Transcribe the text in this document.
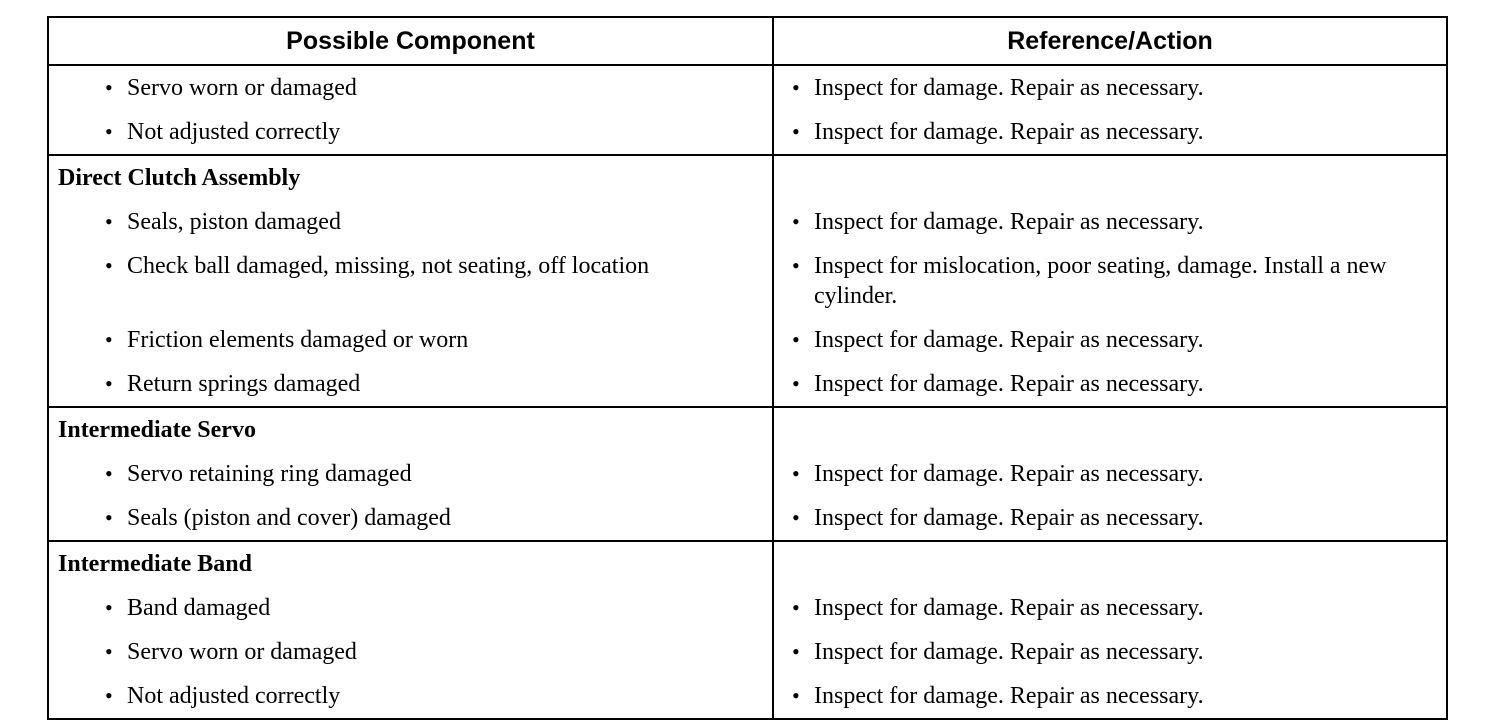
Possible Component	Reference/Action
• Servo worn or damaged
• Not adjusted correctly
• Inspect for damage. Repair as necessary.
• Inspect for damage. Repair as necessary.
Direct Clutch Assembly
• Seals, piston damaged
• Check ball damaged, missing, not seating, off location
• Friction elements damaged or worn
• Return springs damaged
• Inspect for damage. Repair as necessary.
• Inspect for mislocation, poor seating, damage. Install a new cylinder.
• Inspect for damage. Repair as necessary.
• Inspect for damage. Repair as necessary.
Intermediate Servo
• Servo retaining ring damaged
• Seals (piston and cover) damaged
• Inspect for damage. Repair as necessary.
• Inspect for damage. Repair as necessary.
Intermediate Band
• Band damaged
• Servo worn or damaged
• Not adjusted correctly
• Inspect for damage. Repair as necessary.
• Inspect for damage. Repair as necessary.
• Inspect for damage. Repair as necessary.
